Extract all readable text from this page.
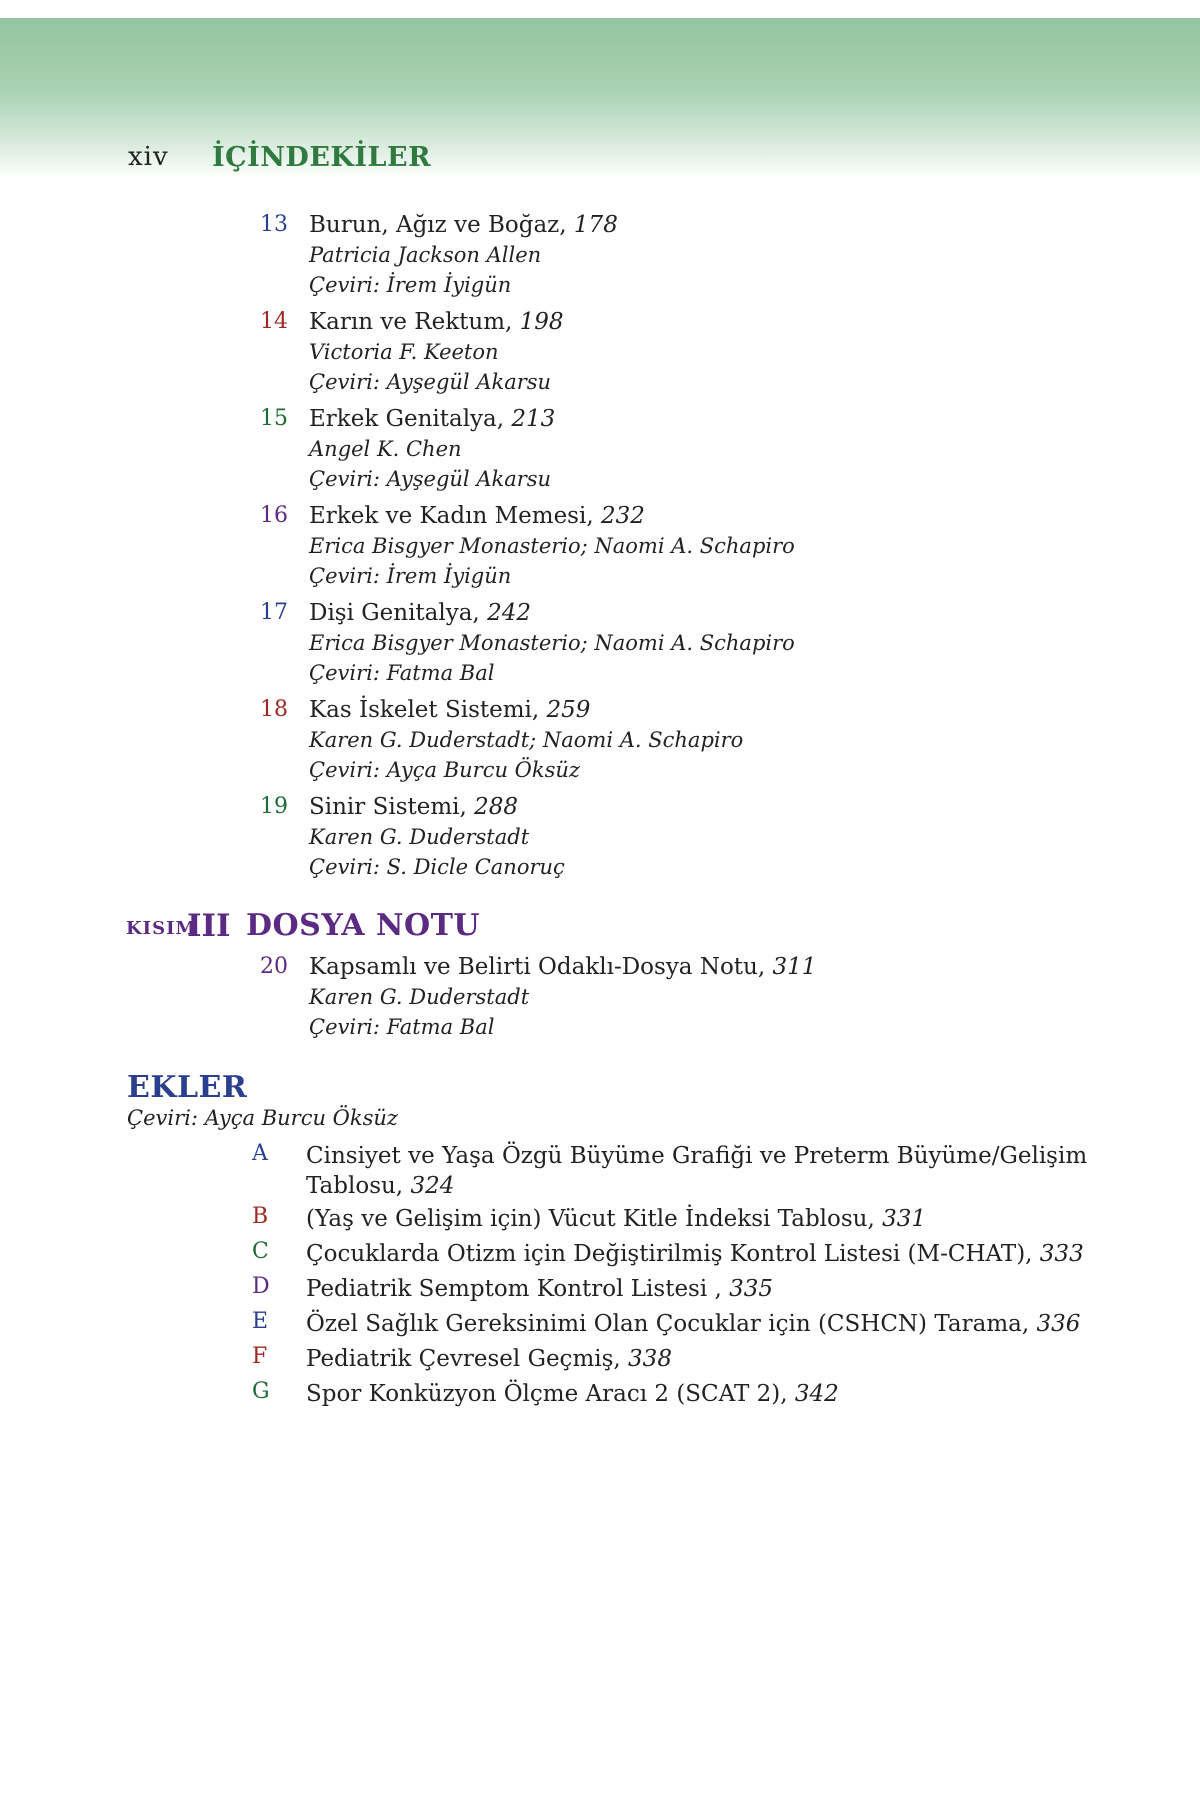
xiv İÇİNDEKİLER
13 Burun, Ağız ve Boğaz, 178
Patricia Jackson Allen
Çeviri: İrem İyigün
14 Karın ve Rektum, 198
Victoria F. Keeton
Çeviri: Ayşegül Akarsu
15 Erkek Genitalya, 213
Angel K. Chen
Çeviri: Ayşegül Akarsu
16 Erkek ve Kadın Memesi, 232
Erica Bisgyer Monasterio; Naomi A. Schapiro
Çeviri: İrem İyigün
17 Dişi Genitalya, 242
Erica Bisgyer Monasterio; Naomi A. Schapiro
Çeviri: Fatma Bal
18 Kas İskelet Sistemi, 259
Karen G. Duderstadt; Naomi A. Schapiro
Çeviri: Ayça Burcu Öksüz
19 Sinir Sistemi, 288
Karen G. Duderstadt
Çeviri: S. Dicle Canoruç
KISIM
III DOSYA NOTU
20 Kapsamlı ve Belirti Odaklı-Dosya Notu, 311
Karen G. Duderstadt
Çeviri: Fatma Bal
EKLER
Çeviri: Ayça Burcu Öksüz
A	Cinsiyet ve Yaşa Özgü Büyüme Grafiği ve Preterm Büyüme/Gelişim
Tablosu, 324
B	(Yaş ve Gelişim için) Vücut Kitle İndeksi Tablosu, 331
C	Çocuklarda Otizm için Değiştirilmiş Kontrol Listesi (M-CHAT), 333
D	Pediatrik Semptom Kontrol Listesi , 335
E	Özel Sağlık Gereksinimi Olan Çocuklar için (CSHCN) Tarama, 336
F	Pediatrik Çevresel Geçmiş, 338
G	Spor Konküzyon Ölçme Aracı 2 (SCAT 2), 342
